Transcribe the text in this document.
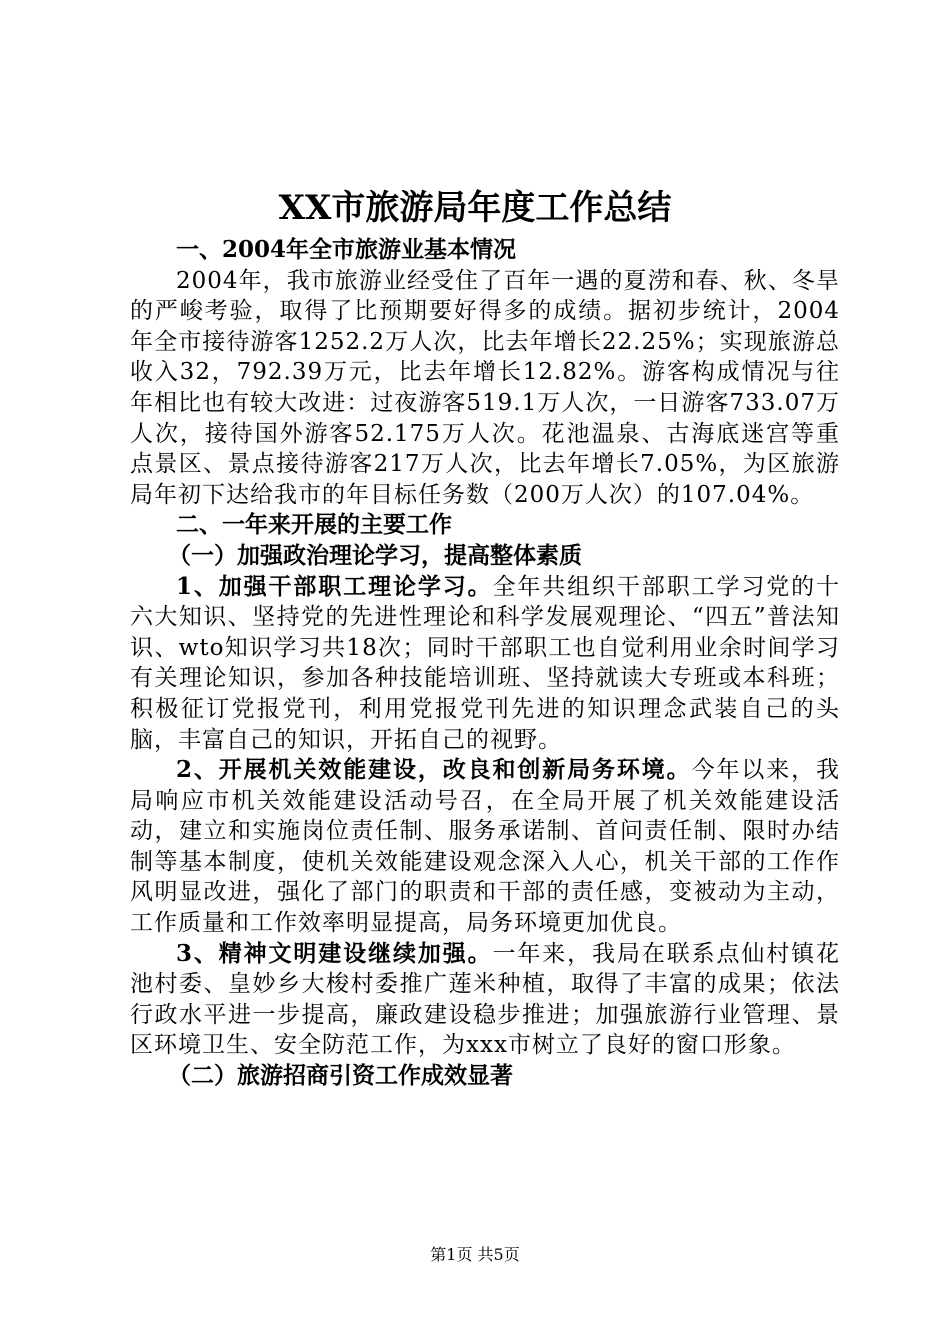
XX市旅游局年度工作总结

一、2004年全市旅游业基本情况

2004年，我市旅游业经受住了百年一遇的夏涝和春、秋、冬旱的严峻考验，取得了比预期要好得多的成绩。据初步统计，2004年全市接待游客1252.2万人次，比去年增长22.25%；实现旅游总收入32，792.39万元，比去年增长12.82%。游客构成情况与往年相比也有较大改进：过夜游客519.1万人次，一日游客733.07万人次，接待国外游客52.175万人次。花池温泉、古海底迷宫等重点景区、景点接待游客217万人次，比去年增长7.05%，为区旅游局年初下达给我市的年目标任务数（200万人次）的107.04%。

二、一年来开展的主要工作

（一）加强政治理论学习，提高整体素质

1、加强干部职工理论学习。全年共组织干部职工学习党的十六大知识、坚持党的先进性理论和科学发展观理论、“四五”普法知识、wto知识学习共18次；同时干部职工也自觉利用业余时间学习有关理论知识，参加各种技能培训班、坚持就读大专班或本科班；积极征订党报党刊，利用党报党刊先进的知识理念武装自己的头脑，丰富自己的知识，开拓自己的视野。

2、开展机关效能建设，改良和创新局务环境。今年以来，我局响应市机关效能建设活动号召，在全局开展了机关效能建设活动，建立和实施岗位责任制、服务承诺制、首问责任制、限时办结制等基本制度，使机关效能建设观念深入人心，机关干部的工作作风明显改进，强化了部门的职责和干部的责任感，变被动为主动，工作质量和工作效率明显提高，局务环境更加优良。

3、精神文明建设继续加强。一年来，我局在联系点仙村镇花池村委、皇妙乡大梭村委推广莲米种植，取得了丰富的成果；依法行政水平进一步提高，廉政建设稳步推进；加强旅游行业管理、景区环境卫生、安全防范工作，为xxx市树立了良好的窗口形象。

（二）旅游招商引资工作成效显著

第1页 共5页
